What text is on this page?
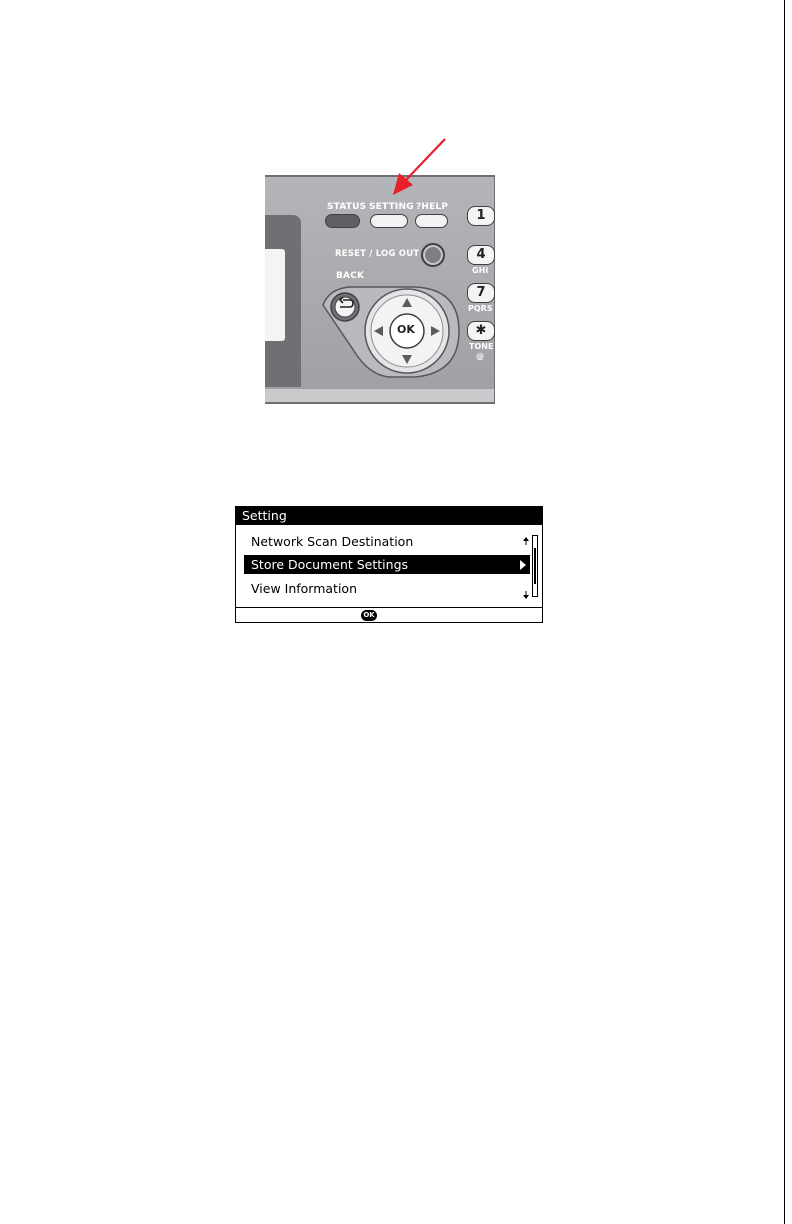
STATUS SETTING ?HELP
RESET / LOG OUT
BACK
OK
1
4
GHI
7
PQRS
✱
TONE
@
Setting
Network Scan Destination
Store Document Settings
View Information
OK
